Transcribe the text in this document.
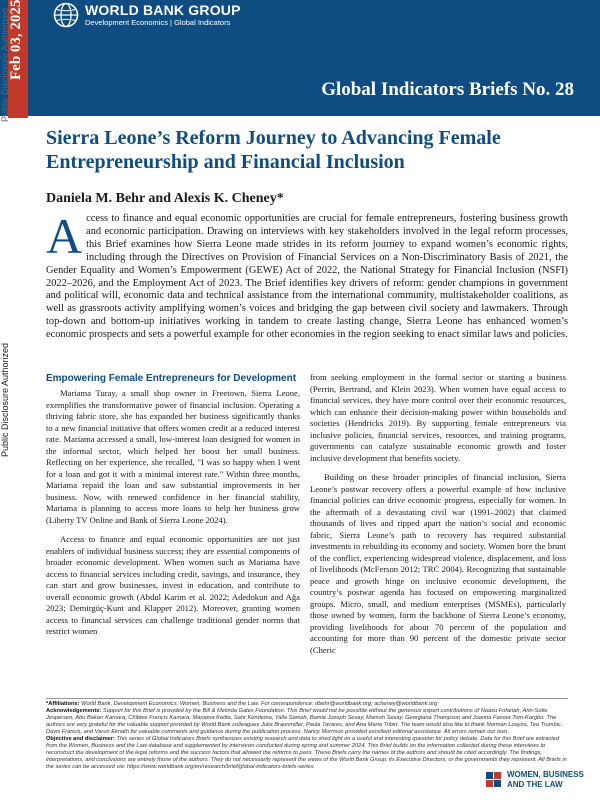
WORLD BANK GROUP
Development Economics | Global Indicators
Global Indicators Briefs No. 28
Feb 03, 2025
Public Disclosure Authorized
Public Disclosure Authorized
Sierra Leone’s Reform Journey to Advancing Female Entrepreneurship and Financial Inclusion
Daniela M. Behr and Alexis K. Cheney*
A ccess to finance and equal economic opportunities are crucial for female entrepreneurs, fostering business growth and economic participation. Drawing on interviews with key stakeholders involved in the legal reform processes, this Brief examines how Sierra Leone made strides in its reform journey to expand women’s economic rights, including through the Directives on Provision of Financial Services on a Non-Discriminatory Basis of 2021, the Gender Equality and Women’s Empowerment (GEWE) Act of 2022, the National Strategy for Financial Inclusion (NSFI) 2022–2026, and the Employment Act of 2023. The Brief identifies key drivers of reform: gender champions in government and political will, economic data and technical assistance from the international community, multistakeholder coalitions, as well as grassroots activity amplifying women’s voices and bridging the gap between civil society and lawmakers. Through top-down and bottom-up initiatives working in tandem to create lasting change, Sierra Leone has enhanced women’s economic prospects and sets a powerful example for other economies in the region seeking to enact similar laws and policies.
Empowering Female Entrepreneurs for Development

Mariama Turay, a small shop owner in Freetown, Sierra Leone, exemplifies the transformative power of financial inclusion. Operating a thriving fabric store, she has expanded her business significantly thanks to a new financial initiative that offers women credit at a reduced interest rate. Mariama accessed a small, low-interest loan designed for women in the informal sector, which helped her boost her small business. Reflecting on her experience, she recalled, "I was so happy when I went for a loan and got it with a minimal interest rate." Within three months, Mariama repaid the loan and saw substantial improvements in her business. Now, with renewed confidence in her financial stability, Mariama is planning to access more loans to help her business grow (Liberty TV Online and Bank of Sierra Leone 2024).

Access to finance and equal economic opportunities are not just enablers of individual business success; they are essential components of broader economic development. When women such as Mariama have access to financial services including credit, savings, and insurance, they can start and grow businesses, invest in education, and contribute to overall economic growth (Abdul Karim et al. 2022; Adedokun and Ağa 2023; Demirgüç-Kunt and Klapper 2012). Moreover, granting women access to financial services can challenge traditional gender norms that restrict women

from seeking employment in the formal sector or starting a business (Perrin, Bertrand, and Klein 2023). When women have equal access to financial services, they have more control over their economic resources, which can enhance their decision-making power within households and societies (Hendricks 2019). By supporting female entrepreneurs via inclusive policies, financial services, resources, and training programs, governments can catalyze sustainable economic growth and foster inclusive development that benefits society.

Building on these broader principles of financial inclusion, Sierra Leone’s postwar recovery offers a powerful example of how inclusive financial policies can drive economic progress, especially for women. In the aftermath of a devastating civil war (1991–2002) that claimed thousands of lives and ripped apart the nation’s social and economic fabric, Sierra Leone’s path to recovery has required substantial investments in rebuilding its economy and society. Women bore the brunt of the conflict, experiencing widespread violence, displacement, and loss of livelihoods (McFerson 2012; TRC 2004). Recognizing that sustainable peace and growth hinge on inclusive economic development, the country’s postwar agenda has focused on empowering marginalized groups. Micro, small, and medium enterprises (MSMEs), particularly those owned by women, form the backbone of Sierra Leone’s economy, providing livelihoods for about 70 percent of the population and accounting for more than 90 percent of the domestic private sector (Cheric

*Affiliations: World Bank, Development Economics, Women, Business and the Law. For correspondence: dbehr@worldbank.org; acheney@worldbank.org
Acknowledgements: Support for this Brief is provided by the Bill & Melinda Gates Foundation. This Brief would not be possible without the generous expert contributions of Naasu Fofanah, Ann-Sofie Jespersen, Abu Bakarr Kamara, Chiblee Francis Kamara, Mariama Keitta, Sahr Kendema, Yalla Samah, Bamie Joseph Sesay, Mamoh Sesay, Georgiana Thompson and Joanna Favour Tom-Kargbo. The authors are very grateful for the valuable support provided by World Bank colleagues Julia Braunmiller, Paula Tavares, and Ana Maria Tribin. The team would also like to thank Norman Loayza, Tea Trumbic, Davis Francis, and Varun Eknath for valuable comments and guidance during the publication process. Nancy Morrison provided excellent editorial assistance. All errors remain our own.
Objective and disclaimer: This series of Global Indicators Briefs synthesizes existing research and data to shed light on a useful and interesting question for policy debate. Data for this Brief are extracted from the Women, Business and the Law database and supplemented by interviews conducted during spring and summer 2024. This Brief builds on the information collected during these interviews to reconstruct the development of the legal reforms and the success factors that allowed the reforms to pass. These Briefs carry the names of the authors and should be cited accordingly. The findings, interpretations, and conclusions are entirely those of the authors. They do not necessarily represent the views of the World Bank Group, its Executive Directors, or the governments they represent. All Briefs in the series can be accessed via: https://www.worldbank.org/en/research/brief/global-indicators-briefs-series.
WOMEN, BUSINESS
AND THE LAW
